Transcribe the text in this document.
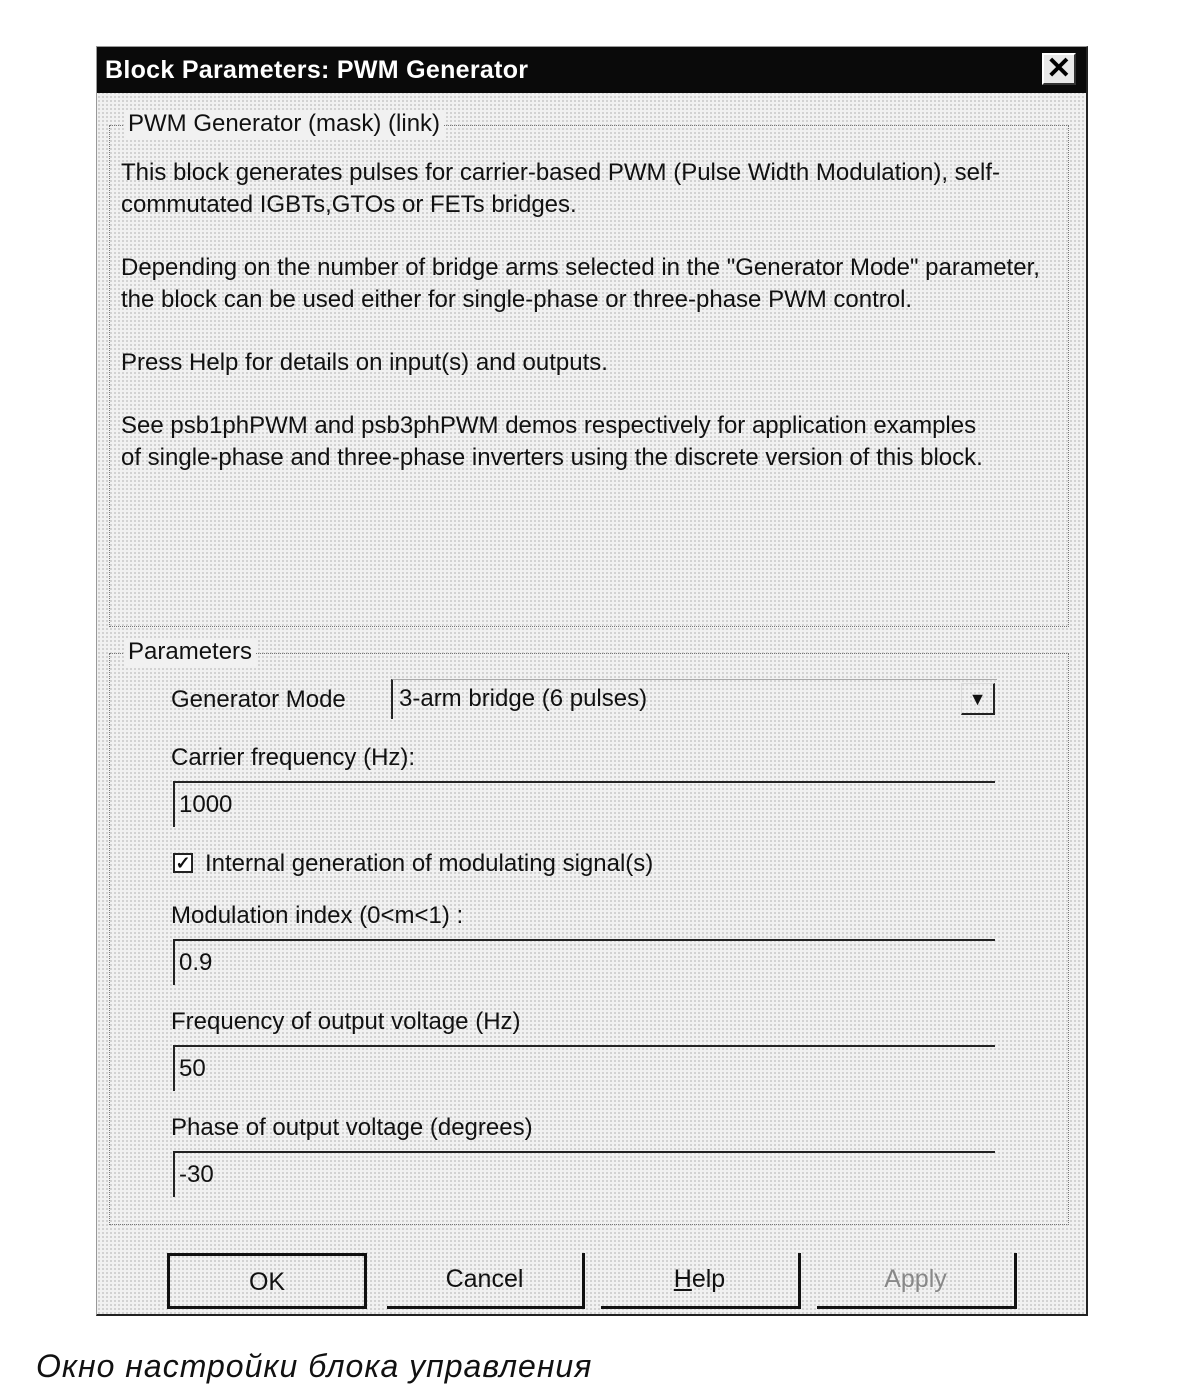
Block Parameters: PWM Generator	✕
PWM Generator (mask) (link)

This block generates pulses for carrier-based PWM (Pulse Width Modulation), self-commutated IGBTs,GTOs or FETs bridges.

Depending on the number of bridge arms selected in the "Generator Mode" parameter, the block can be used either for single-phase or three-phase PWM control.

Press Help for details on input(s) and outputs.

See psb1phPWM and psb3phPWM demos respectively for application examples of single-phase and three-phase inverters using the discrete version of this block.

Parameters
Generator Mode	3-arm bridge (6 pulses)	▼
Carrier frequency (Hz):
1000
✓ Internal generation of modulating signal(s)
Modulation index (0<m<1) :
0.9
Frequency of output voltage (Hz)
50
Phase of output voltage (degrees)
-30
OK	Cancel	Help	Apply
Окно настройки блока управления
